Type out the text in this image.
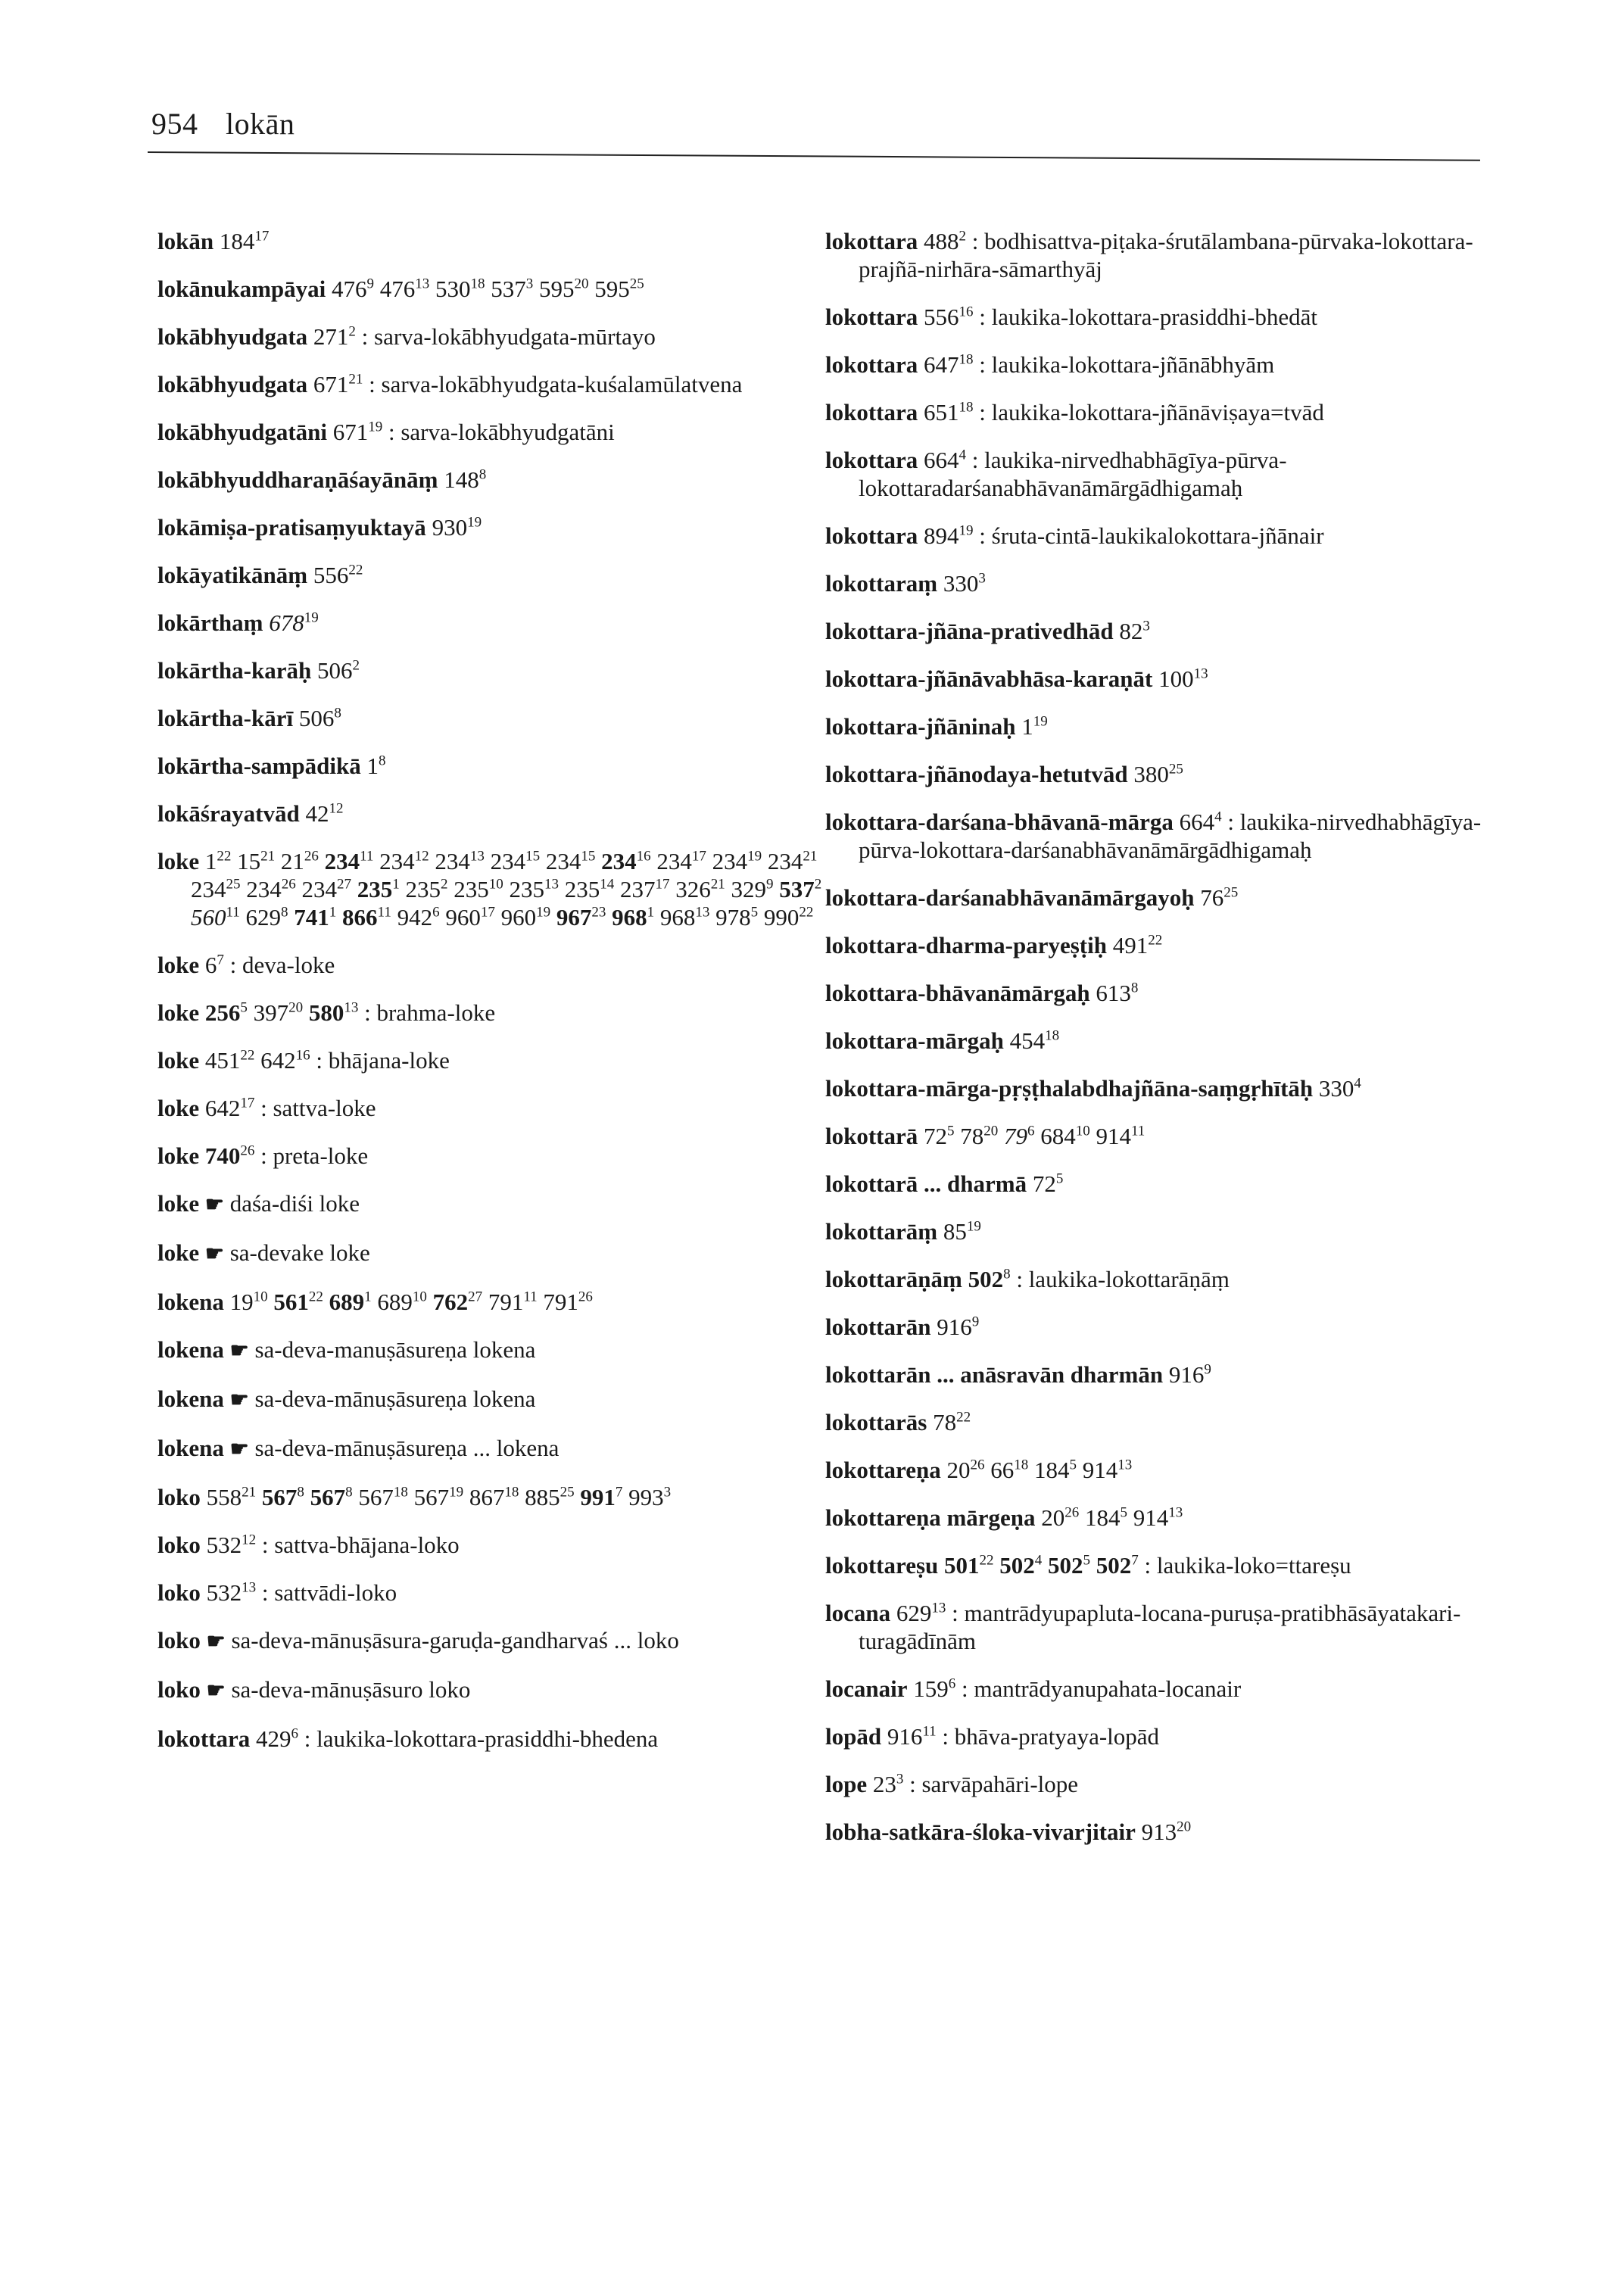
954 lokān
lokān $184^{17}$
lokānukampāyai $476^9$ $476^{13}$ $530^{18}$ $537^3$ $595^{20}$ $595^{25}$
lokābhyudgata $271^2$ : sarva-lokābhyudgata-mūrtayo
lokābhyudgata $671^{21}$ : sarva-lokābhyudgata-kuśalamūlatvena
lokābhyudgatāni $671^{19}$ : sarva-lokābhyudgatāni
lokābhyuddharaṇāśayānāṃ $148^8$
lokāmiṣa-pratisaṃyuktayā $930^{19}$
lokāyatikānāṃ $556^{22}$
lokārthaṃ $678^{19}$
lokārtha-karāḥ $506^2$
lokārtha-kārī $506^8$
lokārtha-sampādikā $1^8$
lokāśrayatvād $42^{12}$
loke $1^{22}$ $15^{21}$ $21^{26}$ $234^{11}$ $234^{12}$ $234^{13}$ $234^{15}$ $234^{15}$ $234^{16}$ $234^{17}$ $234^{19}$ $234^{21}$ $234^{25}$ $234^{26}$ $234^{27}$ $235^1$ $235^2$ $235^{10}$ $235^{13}$ $235^{14}$ $237^{17}$ $326^{21}$ $329^9$ $537^2$ $560^{11}$ $629^8$ $741^1$ $866^{11}$ $942^6$ $960^{17}$ $960^{19}$ $967^{23}$ $968^1$ $968^{13}$ $978^5$ $990^{22}$
loke $6^7$ : deva-loke
loke $256^5$ $397^{20}$ $580^{13}$ : brahma-loke
loke $451^{22}$ $642^{16}$ : bhājana-loke
loke $642^{17}$ : sattva-loke
loke $740^{26}$ : preta-loke
loke ☛ daśa-diśi loke
loke ☛ sa-devake loke
lokena $19^{10}$ $561^{22}$ $689^1$ $689^{10}$ $762^{27}$ $791^{11}$ $791^{26}$
lokena ☛ sa-deva-manuṣāsureṇa lokena
lokena ☛ sa-deva-mānuṣāsureṇa lokena
lokena ☛ sa-deva-mānuṣāsureṇa ... lokena
loko $558^{21}$ $567^8$ $567^8$ $567^{18}$ $567^{19}$ $867^{18}$ $885^{25}$ $991^7$ $993^3$
loko $532^{12}$ : sattva-bhājana-loko
loko $532^{13}$ : sattvādi-loko
loko ☛ sa-deva-mānuṣāsura-garuḍa-gandharvaś ... loko
loko ☛ sa-deva-mānuṣāsuro loko
lokottara $429^6$ : laukika-lokottara-prasiddhi-bhedena
lokottara $488^2$ : bodhisattva-piṭaka-śrutālambana-pūrvaka-lokottara-prajñā-nirhāra-sāmarthyāj
lokottara $556^{16}$ : laukika-lokottara-prasiddhi-bhedāt
lokottara $647^{18}$ : laukika-lokottara-jñānābhyām
lokottara $651^{18}$ : laukika-lokottara-jñānāviṣaya=tvād
lokottara $664^4$ : laukika-nirvedhabhāgīya-pūrva-lokottaradarśanabhāvanāmārgādhigamaḥ
lokottara $894^{19}$ : śruta-cintā-laukikalokottara-jñānair
lokottaraṃ $330^3$
lokottara-jñāna-prativedhād $82^3$
lokottara-jñānāvabhāsa-karaṇāt $100^{13}$
lokottara-jñāninaḥ $1^{19}$
lokottara-jñānodaya-hetutvād $380^{25}$
lokottara-darśana-bhāvanā-mārga $664^4$ : laukika-nirvedhabhāgīya-pūrva-lokottara-darśanabhāvanāmārgādhigamaḥ
lokottara-darśanabhāvanāmārgayoḥ $76^{25}$
lokottara-dharma-paryeṣṭiḥ $491^{22}$
lokottara-bhāvanāmārgaḥ $613^8$
lokottara-mārgaḥ $454^{18}$
lokottara-mārga-pṛṣṭhalabdhajñāna-saṃgṛhītāḥ $330^4$
lokottarā $72^5$ $78^{20}$ $79^6$ $684^{10}$ $914^{11}$
lokottarā ... dharmā $72^5$
lokottarāṃ $85^{19}$
lokottarāṇāṃ $502^8$ : laukika-lokottarāṇāṃ
lokottarān $916^9$
lokottarān ... anāsravān dharmān $916^9$
lokottarās $78^{22}$
lokottareṇa $20^{26}$ $66^{18}$ $184^5$ $914^{13}$
lokottareṇa mārgeṇa $20^{26}$ $184^5$ $914^{13}$
lokottareṣu $501^{22}$ $502^4$ $502^5$ $502^7$ : laukika-loko=ttareṣu
locana $629^{13}$ : mantrādyupapluta-locana-puruṣa-pratibhāsāyatakari-turagādīnām
locanair $159^6$ : mantrādyanupahata-locanair
lopād $916^{11}$ : bhāva-pratyaya-lopād
lope $23^3$ : sarvāpahāri-lope
lobha-satkāra-śloka-vivarjitair $913^{20}$
